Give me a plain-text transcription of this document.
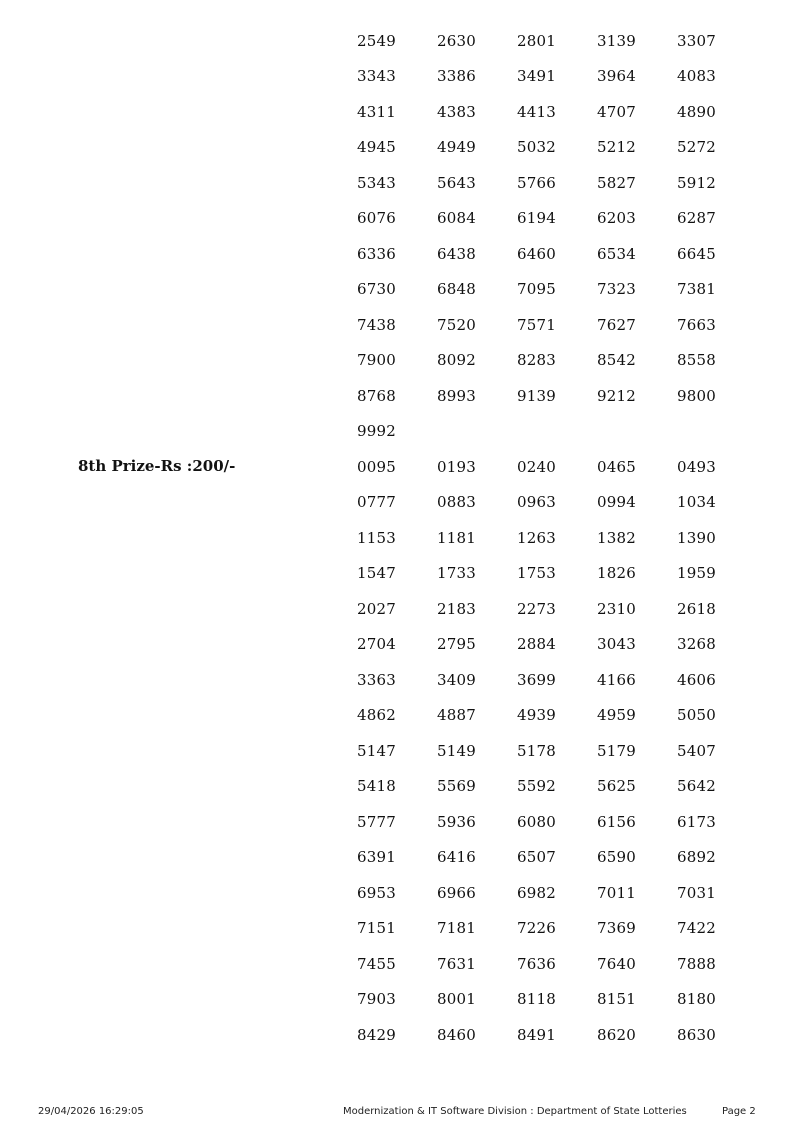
2549	2630	2801	3139	3307
3343	3386	3491	3964	4083
4311	4383	4413	4707	4890
4945	4949	5032	5212	5272
5343	5643	5766	5827	5912
6076	6084	6194	6203	6287
6336	6438	6460	6534	6645
6730	6848	7095	7323	7381
7438	7520	7571	7627	7663
7900	8092	8283	8542	8558
8768	8993	9139	9212	9800
9992
8th Prize-Rs :200/-	0095	0193	0240	0465	0493
0777	0883	0963	0994	1034
1153	1181	1263	1382	1390
1547	1733	1753	1826	1959
2027	2183	2273	2310	2618
2704	2795	2884	3043	3268
3363	3409	3699	4166	4606
4862	4887	4939	4959	5050
5147	5149	5178	5179	5407
5418	5569	5592	5625	5642
5777	5936	6080	6156	6173
6391	6416	6507	6590	6892
6953	6966	6982	7011	7031
7151	7181	7226	7369	7422
7455	7631	7636	7640	7888
7903	8001	8118	8151	8180
8429	8460	8491	8620	8630
29/04/2026 16:29:05	Modernization & IT Software Division : Department of State Lotteries	Page 2
